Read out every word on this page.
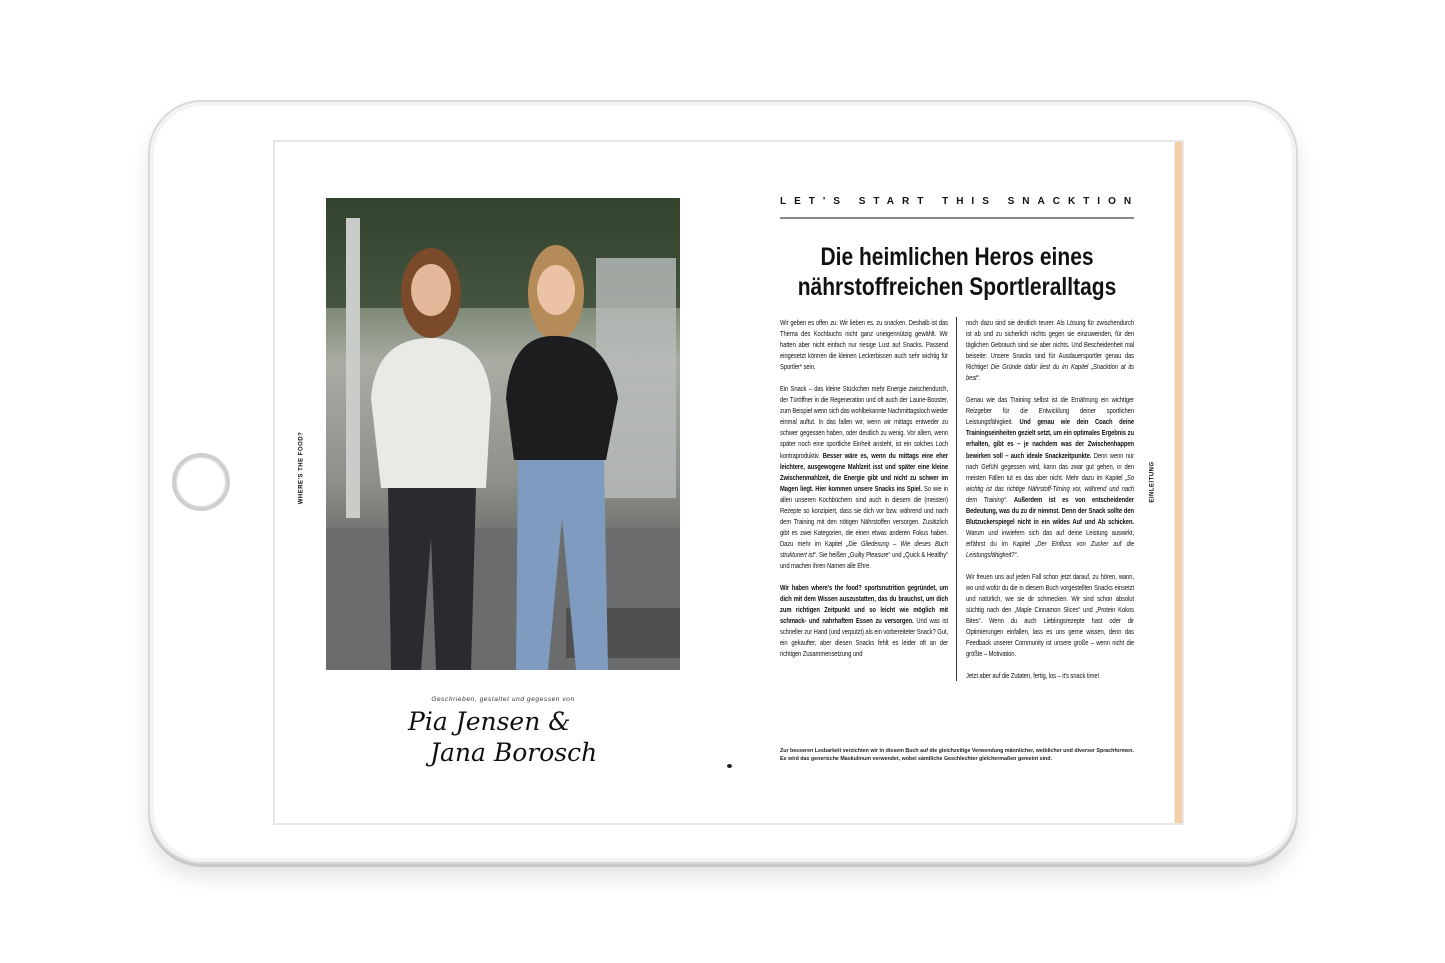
WHERE'S THE FOOD?
Geschrieben, gestaltet und gegessen von
Pia Jensen &
Jana Borosch
LET'S START THIS SNACKTION
Die heimlichen Heros eines
nährstoffreichen Sportleralltags

Wir geben es offen zu: Wir lieben es, zu snacken. Deshalb ist das Thema des Kochbuchs nicht ganz uneigennützig gewählt. Wir hatten aber nicht einfach nur riesige Lust auf Snacks. Passend eingesetzt können die kleinen Leckerbissen auch sehr wichtig für Sportler* sein.

Ein Snack – das kleine Stückchen mehr Energie zwischendurch, der Türöffner in die Regeneration und oft auch der Laune-Booster, zum Beispiel wenn sich das wohlbekannte Nachmittagsloch wieder einmal auftut. In das fallen wir, wenn wir mittags entweder zu schwer gegessen haben, oder deutlich zu wenig. Vor allem, wenn später noch eine sportliche Einheit ansteht, ist ein solches Loch kontraproduktiv. Besser wäre es, wenn du mittags eine eher leichtere, ausgewogene Mahlzeit isst und später eine kleine Zwischenmahlzeit, die Energie gibt und nicht zu schwer im Magen liegt. Hier kommen unsere Snacks ins Spiel. So wie in allen unseren Kochbüchern sind auch in diesem die (meisten) Rezepte so konzipiert, dass sie dich vor bzw. während und nach dem Training mit den nötigen Nährstoffen versorgen. Zusätzlich gibt es zwei Kategorien, die einen etwas anderen Fokus haben. Dazu mehr im Kapitel „Die Gliederung – Wie dieses Buch strukturiert ist“. Sie heißen „Guilty Pleasure“ und „Quick & Healthy“ und machen ihren Namen alle Ehre.

Wir haben where's the food? sportsnutrition gegründet, um dich mit dem Wissen auszustatten, das du brauchst, um dich zum richtigen Zeitpunkt und so leicht wie möglich mit schmack- und nahrhaftem Essen zu versorgen. Und was ist schneller zur Hand (und verputzt) als ein vorbereiteter Snack? Gut, ein gekaufter, aber diesen Snacks fehlt es leider oft an der richtigen Zusammensetzung und

noch dazu sind sie deutlich teurer. Als Lösung für zwischendurch ist ab und zu sicherlich nichts gegen sie einzuwenden, für den täglichen Gebrauch sind sie aber nichts. Und Bescheidenheit mal beiseite: Unsere Snacks sind für Ausdauersportler genau das Richtige! Die Gründe dafür liest du im Kapitel „Snacktion at its best“.

Genau wie das Training selbst ist die Ernährung ein wichtiger Reizgeber für die Entwicklung deiner sportlichen Leistungsfähigkeit. Und genau wie dein Coach deine Trainingseinheiten gezielt setzt, um ein optimales Ergebnis zu erhalten, gibt es – je nachdem was der Zwischenhappen bewirken soll – auch ideale Snackzeitpunkte. Denn wenn nur nach Gefühl gegessen wird, kann das zwar gut gehen, in den meisten Fällen tut es das aber nicht. Mehr dazu im Kapitel „So wichtig ist das richtige Nährstoff-Timing vor, während und nach dem Training“. Außerdem ist es von entscheidender Bedeutung, was du zu dir nimmst. Denn der Snack sollte den Blutzuckerspiegel nicht in ein wildes Auf und Ab schicken. Warum und inwiefern sich das auf deine Leistung auswirkt, erfährst du im Kapitel „Der Einfluss von Zucker auf die Leistungsfähigkeit?“.

Wir freuen uns auf jeden Fall schon jetzt darauf, zu hören, wann, wo und wofür du die in diesem Buch vorgestellten Snacks einsetzt und natürlich, wie sie dir schmecken. Wir sind schon absolut süchtig nach den „Maple Cinnamon Slices“ und „Protein Kokos Bites“. Wenn du auch Lieblingsrezepte hast oder dir Optimierungen einfallen, lass es uns gerne wissen, denn das Feedback unserer Community ist unsere große – wenn nicht die größte – Motivation.

Jetzt aber auf die Zutaten, fertig, los – it's snack time!

Zur besseren Lesbarkeit verzichten wir in diesem Buch auf die gleichzeitige Verwendung männlicher, weiblicher und diverser Sprachformen. Es wird das generische Maskulinum verwendet, wobei sämtliche Geschlechter gleichermaßen gemeint sind.
EINLEITUNG
